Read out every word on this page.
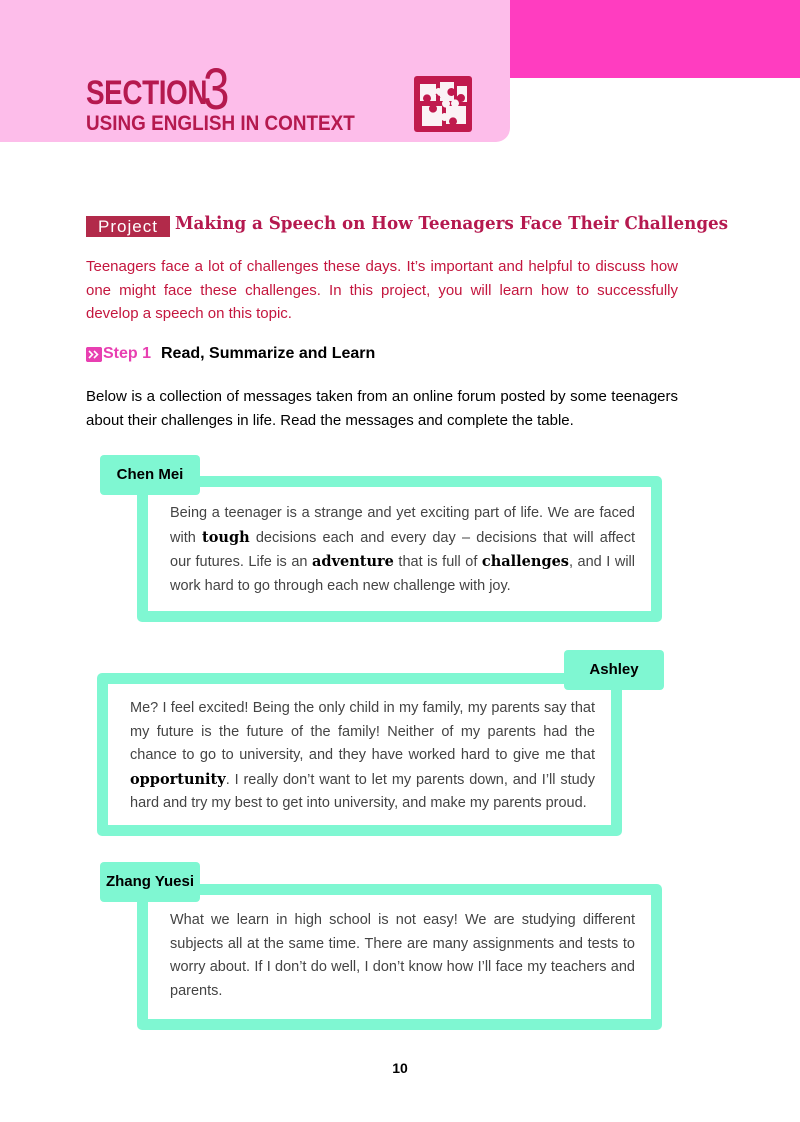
SECTION
3
USING ENGLISH IN CONTEXT
Project Making a Speech on How Teenagers Face Their Challenges
Teenagers face a lot of challenges these days. It’s important and helpful to discuss how one might face these challenges. In this project, you will learn how to successfully develop a speech on this topic.
Step 1 Read, Summarize and Learn
Below is a collection of messages taken from an online forum posted by some teenagers about their challenges in life. Read the messages and complete the table.
Chen Mei
Being a teenager is a strange and yet exciting part of life. We are faced with tough decisions each and every day – decisions that will affect our futures. Life is an adventure that is full of challenges, and I will work hard to go through each new challenge with joy.
Ashley
Me? I feel excited! Being the only child in my family, my parents say that my future is the future of the family! Neither of my parents had the chance to go to university, and they have worked hard to give me that opportunity. I really don’t want to let my parents down, and I’ll study hard and try my best to get into university, and make my parents proud.
Zhang Yuesi
What we learn in high school is not easy! We are studying different subjects all at the same time. There are many assignments and tests to worry about. If I don’t do well, I don’t know how I’ll face my teachers and parents.
10
